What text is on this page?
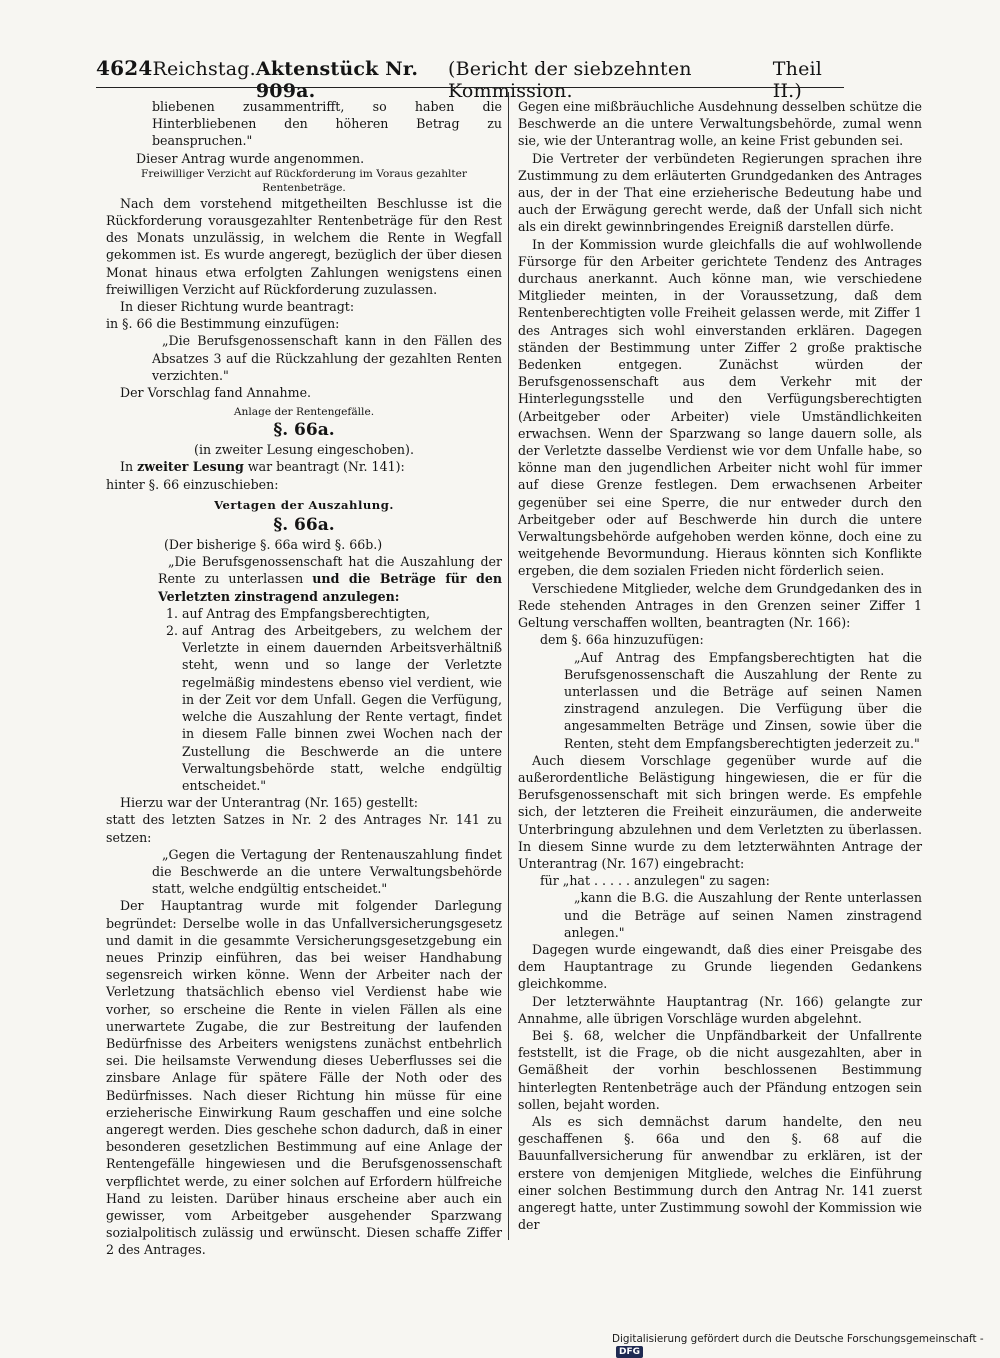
4624 Reichstag. Aktenstück Nr. 909a.
(Bericht der siebzehnten Kommission.
Theil II.)

bliebenen zusammentrifft, so haben die Hinterbliebenen den höheren Betrag zu beanspruchen."

Dieser Antrag wurde angenommen.

Freiwilliger Verzicht auf Rückforderung im Voraus gezahlter Rentenbeträge.

Nach dem vorstehend mitgetheilten Beschlusse ist die Rückforderung vorausgezahlter Rentenbeträge für den Rest des Monats unzulässig, in welchem die Rente in Wegfall gekommen ist. Es wurde angeregt, bezüglich der über diesen Monat hinaus etwa erfolgten Zahlungen wenigstens einen freiwilligen Verzicht auf Rückforderung zuzulassen.

In dieser Richtung wurde beantragt:

in §. 66 die Bestimmung einzufügen:

„Die Berufsgenossenschaft kann in den Fällen des Absatzes 3 auf die Rückzahlung der gezahlten Renten verzichten."

Der Vorschlag fand Annahme.

Anlage der Rentengefälle.

§. 66a.

(in zweiter Lesung eingeschoben).

In zweiter Lesung war beantragt (Nr. 141):

hinter §. 66 einzuschieben:

Vertagen der Auszahlung.

§. 66a.

(Der bisherige §. 66a wird §. 66b.)

„Die Berufsgenossenschaft hat die Auszahlung der Rente zu unterlassen und die Beträge für den Verletzten zinstragend anzulegen:

1. auf Antrag des Empfangsberechtigten,
2. auf Antrag des Arbeitgebers, zu welchem der Verletzte in einem dauernden Arbeitsverhältniß steht, wenn und so lange der Verletzte regelmäßig mindestens ebenso viel verdient, wie in der Zeit vor dem Unfall. Gegen die Verfügung, welche die Auszahlung der Rente vertagt, findet in diesem Falle binnen zwei Wochen nach der Zustellung die Beschwerde an die untere Verwaltungsbehörde statt, welche endgültig entscheidet."

Hierzu war der Unterantrag (Nr. 165) gestellt:

statt des letzten Satzes in Nr. 2 des Antrages Nr. 141 zu setzen:

„Gegen die Vertagung der Rentenauszahlung findet die Beschwerde an die untere Verwaltungsbehörde statt, welche endgültig entscheidet."

Der Hauptantrag wurde mit folgender Darlegung begründet: Derselbe wolle in das Unfallversicherungsgesetz und damit in die gesammte Versicherungsgesetzgebung ein neues Prinzip einführen, das bei weiser Handhabung segensreich wirken könne. Wenn der Arbeiter nach der Verletzung thatsächlich ebenso viel Verdienst habe wie vorher, so erscheine die Rente in vielen Fällen als eine unerwartete Zugabe, die zur Bestreitung der laufenden Bedürfnisse des Arbeiters wenigstens zunächst entbehrlich sei. Die heilsamste Verwendung dieses Ueberflusses sei die zinsbare Anlage für spätere Fälle der Noth oder des Bedürfnisses. Nach dieser Richtung hin müsse für eine erzieherische Einwirkung Raum geschaffen und eine solche angeregt werden. Dies geschehe schon dadurch, daß in einer besonderen gesetzlichen Bestimmung auf eine Anlage der Rentengefälle hingewiesen und die Berufsgenossenschaft verpflichtet werde, zu einer solchen auf Erfordern hülfreiche Hand zu leisten. Darüber hinaus erscheine aber auch ein gewisser, vom Arbeitgeber ausgehender Sparzwang sozialpolitisch zulässig und erwünscht. Diesen schaffe Ziffer 2 des Antrages.

Gegen eine mißbräuchliche Ausdehnung desselben schütze die Beschwerde an die untere Verwaltungsbehörde, zumal wenn sie, wie der Unterantrag wolle, an keine Frist gebunden sei.

Die Vertreter der verbündeten Regierungen sprachen ihre Zustimmung zu dem erläuterten Grundgedanken des Antrages aus, der in der That eine erzieherische Bedeutung habe und auch der Erwägung gerecht werde, daß der Unfall sich nicht als ein direkt gewinnbringendes Ereigniß darstellen dürfe.

In der Kommission wurde gleichfalls die auf wohlwollende Fürsorge für den Arbeiter gerichtete Tendenz des Antrages durchaus anerkannt. Auch könne man, wie verschiedene Mitglieder meinten, in der Voraussetzung, daß dem Rentenberechtigten volle Freiheit gelassen werde, mit Ziffer 1 des Antrages sich wohl einverstanden erklären. Dagegen ständen der Bestimmung unter Ziffer 2 große praktische Bedenken entgegen. Zunächst würden der Berufsgenossenschaft aus dem Verkehr mit der Hinterlegungsstelle und den Verfügungsberechtigten (Arbeitgeber oder Arbeiter) viele Umständlichkeiten erwachsen. Wenn der Sparzwang so lange dauern solle, als der Verletzte dasselbe Verdienst wie vor dem Unfalle habe, so könne man den jugendlichen Arbeiter nicht wohl für immer auf diese Grenze festlegen. Dem erwachsenen Arbeiter gegenüber sei eine Sperre, die nur entweder durch den Arbeitgeber oder auf Beschwerde hin durch die untere Verwaltungsbehörde aufgehoben werden könne, doch eine zu weitgehende Bevormundung. Hieraus könnten sich Konflikte ergeben, die dem sozialen Frieden nicht förderlich seien.

Verschiedene Mitglieder, welche dem Grundgedanken des in Rede stehenden Antrages in den Grenzen seiner Ziffer 1 Geltung verschaffen wollten, beantragten (Nr. 166):

dem §. 66a hinzuzufügen:

„Auf Antrag des Empfangsberechtigten hat die Berufsgenossenschaft die Auszahlung der Rente zu unterlassen und die Beträge auf seinen Namen zinstragend anzulegen. Die Verfügung über die angesammelten Beträge und Zinsen, sowie über die Renten, steht dem Empfangsberechtigten jederzeit zu."

Auch diesem Vorschlage gegenüber wurde auf die außerordentliche Belästigung hingewiesen, die er für die Berufsgenossenschaft mit sich bringen werde. Es empfehle sich, der letzteren die Freiheit einzuräumen, die anderweite Unterbringung abzulehnen und dem Verletzten zu überlassen. In diesem Sinne wurde zu dem letzterwähnten Antrage der Unterantrag (Nr. 167) eingebracht:

für „hat . . . . . anzulegen" zu sagen:

„kann die B.G. die Auszahlung der Rente unterlassen und die Beträge auf seinen Namen zinstragend anlegen."

Dagegen wurde eingewandt, daß dies einer Preisgabe des dem Hauptantrage zu Grunde liegenden Gedankens gleichkomme.

Der letzterwähnte Hauptantrag (Nr. 166) gelangte zur Annahme, alle übrigen Vorschläge wurden abgelehnt.

Bei §. 68, welcher die Unpfändbarkeit der Unfallrente feststellt, ist die Frage, ob die nicht ausgezahlten, aber in Gemäßheit der vorhin beschlossenen Bestimmung hinterlegten Rentenbeträge auch der Pfändung entzogen sein sollen, bejaht worden.

Als es sich demnächst darum handelte, den neu geschaffenen §. 66a und den §. 68 auf die Bauunfallversicherung für anwendbar zu erklären, ist der erstere von demjenigen Mitgliede, welches die Einführung einer solchen Bestimmung durch den Antrag Nr. 141 zuerst angeregt hatte, unter Zustimmung sowohl der Kommission wie der

Digitalisierung gefördert durch die Deutsche Forschungsgemeinschaft -DFG
